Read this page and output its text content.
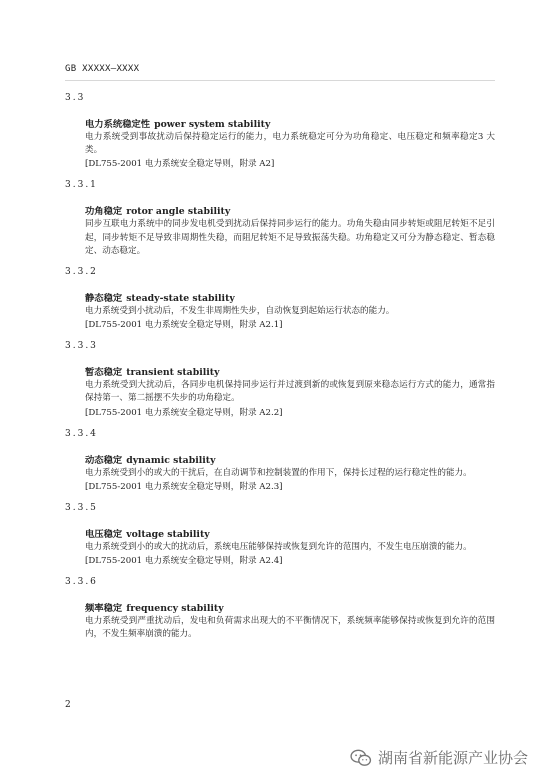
GB XXXXX—XXXX
3.3
电力系统稳定性 power system stability
电力系统受到事故扰动后保持稳定运行的能力，电力系统稳定可分为功角稳定、电压稳定和频率稳定3 大类。
[DL755-2001 电力系统安全稳定导则，附录 A2]
3.3.1
功角稳定 rotor angle stability
同步互联电力系统中的同步发电机受到扰动后保持同步运行的能力。功角失稳由同步转矩或阻尼转矩不足引起，同步转矩不足导致非周期性失稳，而阻尼转矩不足导致振荡失稳。功角稳定又可分为静态稳定、暂态稳定、动态稳定。
3.3.2
静态稳定 steady-state stability
电力系统受到小扰动后，不发生非周期性失步，自动恢复到起始运行状态的能力。
[DL755-2001 电力系统安全稳定导则，附录 A2.1]
3.3.3
暂态稳定 transient stability
电力系统受到大扰动后，各同步电机保持同步运行并过渡到新的或恢复到原来稳态运行方式的能力，通常指保持第一、第二摇摆不失步的功角稳定。
[DL755-2001 电力系统安全稳定导则，附录 A2.2]
3.3.4
动态稳定 dynamic stability
电力系统受到小的或大的干扰后，在自动调节和控制装置的作用下，保持长过程的运行稳定性的能力。
[DL755-2001 电力系统安全稳定导则，附录 A2.3]
3.3.5
电压稳定 voltage stability
电力系统受到小的或大的扰动后，系统电压能够保持或恢复到允许的范围内，不发生电压崩溃的能力。
[DL755-2001 电力系统安全稳定导则，附录 A2.4]
3.3.6
频率稳定 frequency stability
电力系统受到严重扰动后，发电和负荷需求出现大的不平衡情况下，系统频率能够保持或恢复到允许的范围内，不发生频率崩溃的能力。
2
湖南省新能源产业协会
